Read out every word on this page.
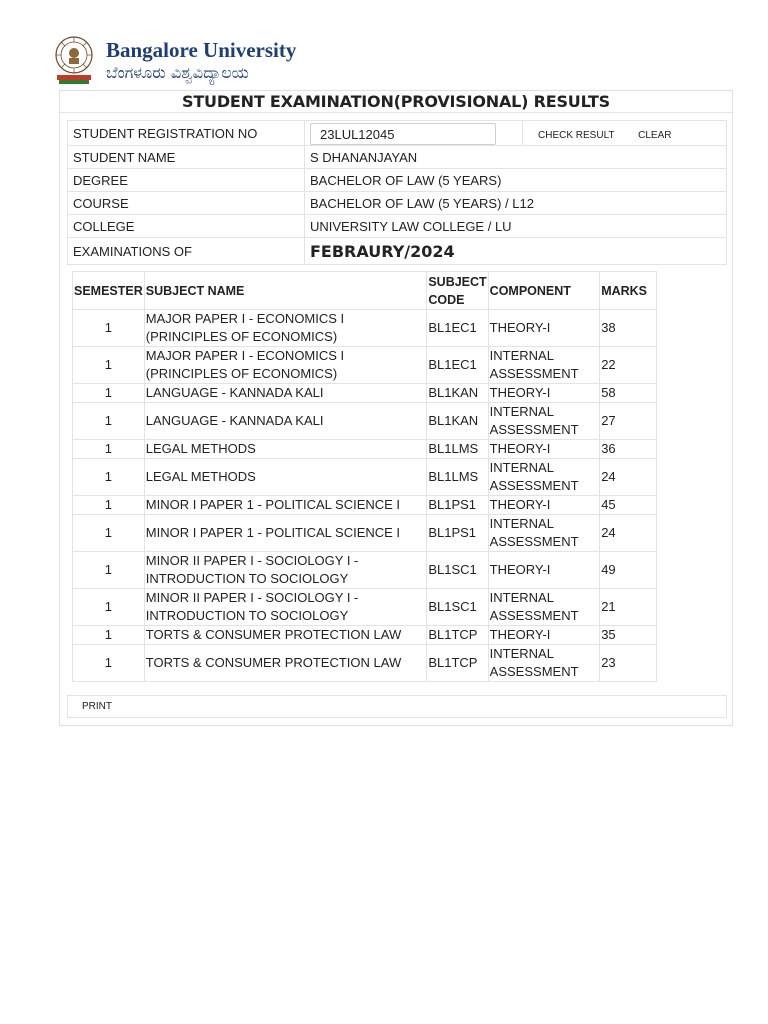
Bangalore University
ಬೆಂಗಳೂರು ವಿಶ್ವವಿದ್ಯಾಲಯ
STUDENT EXAMINATION(PROVISIONAL) RESULTS
STUDENT REGISTRATION NO	23LUL12045	CHECK RESULT CLEAR
STUDENT NAME	S DHANANJAYAN	
DEGREE	BACHELOR OF LAW (5 YEARS)	
COURSE	BACHELOR OF LAW (5 YEARS) / L12	
COLLEGE	UNIVERSITY LAW COLLEGE / LU	
EXAMINATIONS OF	FEBRAURY/2024	
SEMESTER	SUBJECT NAME	SUBJECT CODE	COMPONENT	MARKS
1	MAJOR PAPER I - ECONOMICS I (PRINCIPLES OF ECONOMICS)	BL1EC1	THEORY-I	38
1	MAJOR PAPER I - ECONOMICS I (PRINCIPLES OF ECONOMICS)	BL1EC1	INTERNAL ASSESSMENT	22
1	LANGUAGE - KANNADA KALI	BL1KAN	THEORY-I	58
1	LANGUAGE - KANNADA KALI	BL1KAN	INTERNAL ASSESSMENT	27
1	LEGAL METHODS	BL1LMS	THEORY-I	36
1	LEGAL METHODS	BL1LMS	INTERNAL ASSESSMENT	24
1	MINOR I PAPER 1 - POLITICAL SCIENCE I	BL1PS1	THEORY-I	45
1	MINOR I PAPER 1 - POLITICAL SCIENCE I	BL1PS1	INTERNAL ASSESSMENT	24
1	MINOR II PAPER I - SOCIOLOGY I - INTRODUCTION TO SOCIOLOGY	BL1SC1	THEORY-I	49
1	MINOR II PAPER I - SOCIOLOGY I - INTRODUCTION TO SOCIOLOGY	BL1SC1	INTERNAL ASSESSMENT	21
1	TORTS & CONSUMER PROTECTION LAW	BL1TCP	THEORY-I	35
1	TORTS & CONSUMER PROTECTION LAW	BL1TCP	INTERNAL ASSESSMENT	23
PRINT
